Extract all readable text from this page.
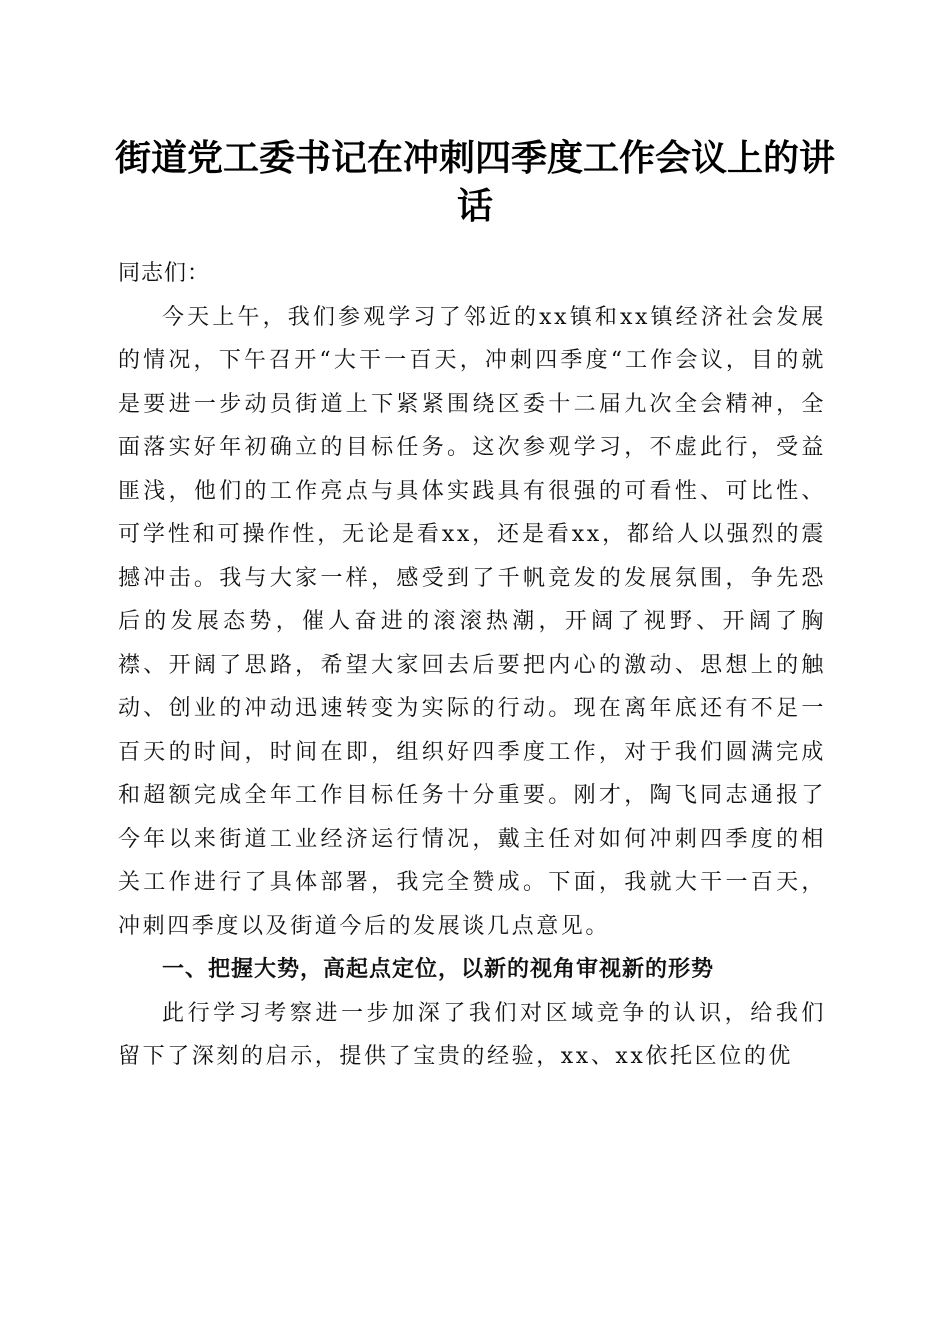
街道党工委书记在冲刺四季度工作会议上的讲话

同志们：

今天上午，我们参观学习了邻近的xx镇和xx镇经济社会发展的情况，下午召开“大干一百天，冲刺四季度“工作会议，目的就是要进一步动员街道上下紧紧围绕区委十二届九次全会精神，全面落实好年初确立的目标任务。这次参观学习，不虚此行，受益匪浅，他们的工作亮点与具体实践具有很强的可看性、可比性、可学性和可操作性，无论是看xx，还是看xx，都给人以强烈的震撼冲击。我与大家一样，感受到了千帆竞发的发展氛围，争先恐后的发展态势，催人奋进的滚滚热潮，开阔了视野、开阔了胸襟、开阔了思路，希望大家回去后要把内心的激动、思想上的触动、创业的冲动迅速转变为实际的行动。现在离年底还有不足一百天的时间，时间在即，组织好四季度工作，对于我们圆满完成和超额完成全年工作目标任务十分重要。刚才，陶飞同志通报了今年以来街道工业经济运行情况，戴主任对如何冲刺四季度的相关工作进行了具体部署，我完全赞成。下面，我就大干一百天，冲刺四季度以及街道今后的发展谈几点意见。

一、把握大势，高起点定位，以新的视角审视新的形势

此行学习考察进一步加深了我们对区域竞争的认识，给我们留下了深刻的启示，提供了宝贵的经验，xx、xx依托区位的优
